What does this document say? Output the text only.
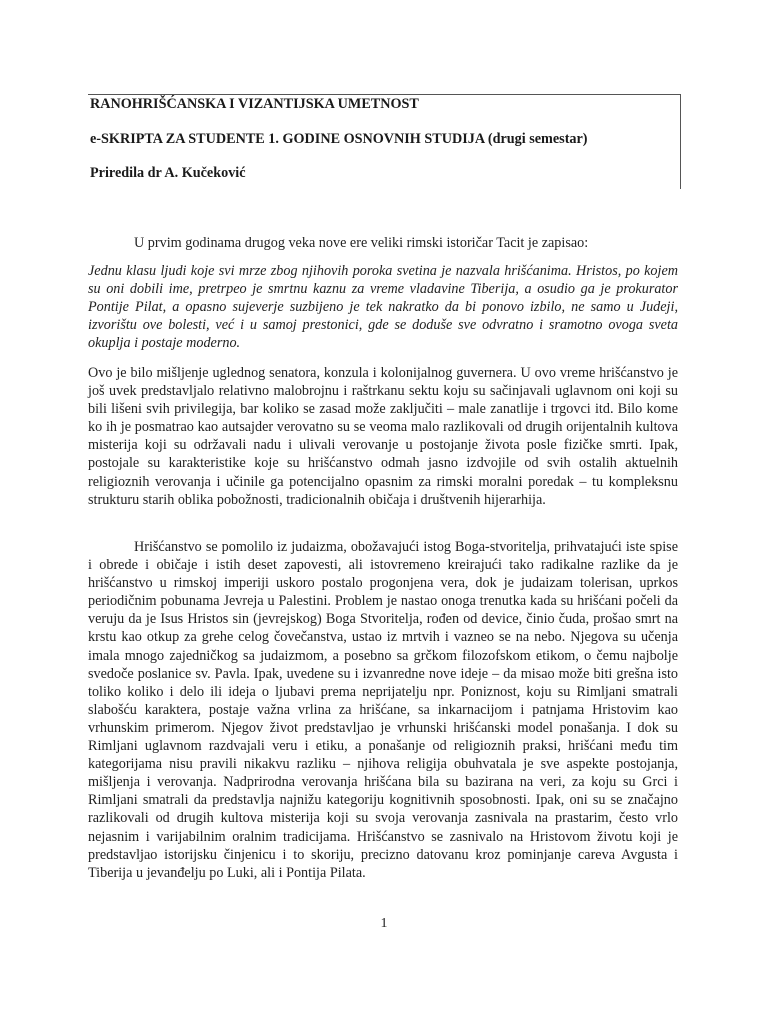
RANOHRIŠĆANSKA I VIZANTIJSKA UMETNOST
e-SKRIPTA ZA STUDENTE 1. GODINE OSNOVNIH STUDIJA (drugi semestar)
Priredila dr A. Kučeković

U prvim godinama drugog veka nove ere veliki rimski istoričar Tacit je zapisao:

Jednu klasu ljudi koje svi mrze zbog njihovih poroka svetina je nazvala hrišćanima. Hristos, po kojem su oni dobili ime, pretrpeo je smrtnu kaznu za vreme vladavine Tiberija, a osudio ga je prokurator Pontije Pilat, a opasno sujeverje suzbijeno je tek nakratko da bi ponovo izbilo, ne samo u Judeji, izvorištu ove bolesti, već i u samoj prestonici, gde se doduše sve odvratno i sramotno ovoga sveta okuplja i postaje moderno.

Ovo je bilo mišljenje uglednog senatora, konzula i kolonijalnog guvernera. U ovo vreme hrišćanstvo je još uvek predstavljalo relativno malobrojnu i raštrkanu sektu koju su sačinjavali uglavnom oni koji su bili lišeni svih privilegija, bar koliko se zasad može zaključiti – male zanatlije i trgovci itd. Bilo kome ko ih je posmatrao kao autsajder verovatno su se veoma malo razlikovali od drugih orijentalnih kultova misterija koji su održavali nadu i ulivali verovanje u postojanje života posle fizičke smrti. Ipak, postojale su karakteristike koje su hrišćanstvo odmah jasno izdvojile od svih ostalih aktuelnih religioznih verovanja i učinile ga potencijalno opasnim za rimski moralni poredak – tu kompleksnu strukturu starih oblika pobožnosti, tradicionalnih običaja i društvenih hijerarhija.

Hrišćanstvo se pomolilo iz judaizma, obožavajući istog Boga-stvoritelja, prihvatajući iste spise i obrede i običaje i istih deset zapovesti, ali istovremeno kreirajući tako radikalne razlike da je hrišćanstvo u rimskoj imperiji uskoro postalo progonjena vera, dok je judaizam tolerisan, uprkos periodičnim pobunama Jevreja u Palestini. Problem je nastao onoga trenutka kada su hrišćani počeli da veruju da je Isus Hristos sin (jevrejskog) Boga Stvoritelja, rođen od device, činio čuda, prošao smrt na krstu kao otkup za grehe celog čovečanstva, ustao iz mrtvih i vazneo se na nebo. Njegova su učenja imala mnogo zajedničkog sa judaizmom, a posebno sa grčkom filozofskom etikom, o čemu najbolje svedoče poslanice sv. Pavla. Ipak, uvedene su i izvanredne nove ideje – da misao može biti grešna isto toliko koliko i delo ili ideja o ljubavi prema neprijatelju npr. Poniznost, koju su Rimljani smatrali slabošću karaktera, postaje važna vrlina za hrišćane, sa inkarnacijom i patnjama Hristovim kao vrhunskim primerom. Njegov život predstavljao je vrhunski hrišćanski model ponašanja. I dok su Rimljani uglavnom razdvajali veru i etiku, a ponašanje od religioznih praksi, hrišćani među tim kategorijama nisu pravili nikakvu razliku – njihova religija obuhvatala je sve aspekte postojanja, mišljenja i verovanja. Nadprirodna verovanja hrišćana bila su bazirana na veri, za koju su Grci i Rimljani smatrali da predstavlja najnižu kategoriju kognitivnih sposobnosti. Ipak, oni su se značajno razlikovali od drugih kultova misterija koji su svoja verovanja zasnivala na prastarim, često vrlo nejasnim i varijabilnim oralnim tradicijama. Hrišćanstvo se zasnivalo na Hristovom životu koji je predstavljao istorijsku činjenicu i to skoriju, precizno datovanu kroz pominjanje careva Avgusta i Tiberija u jevanđelju po Luki, ali i Pontija Pilata.

1
